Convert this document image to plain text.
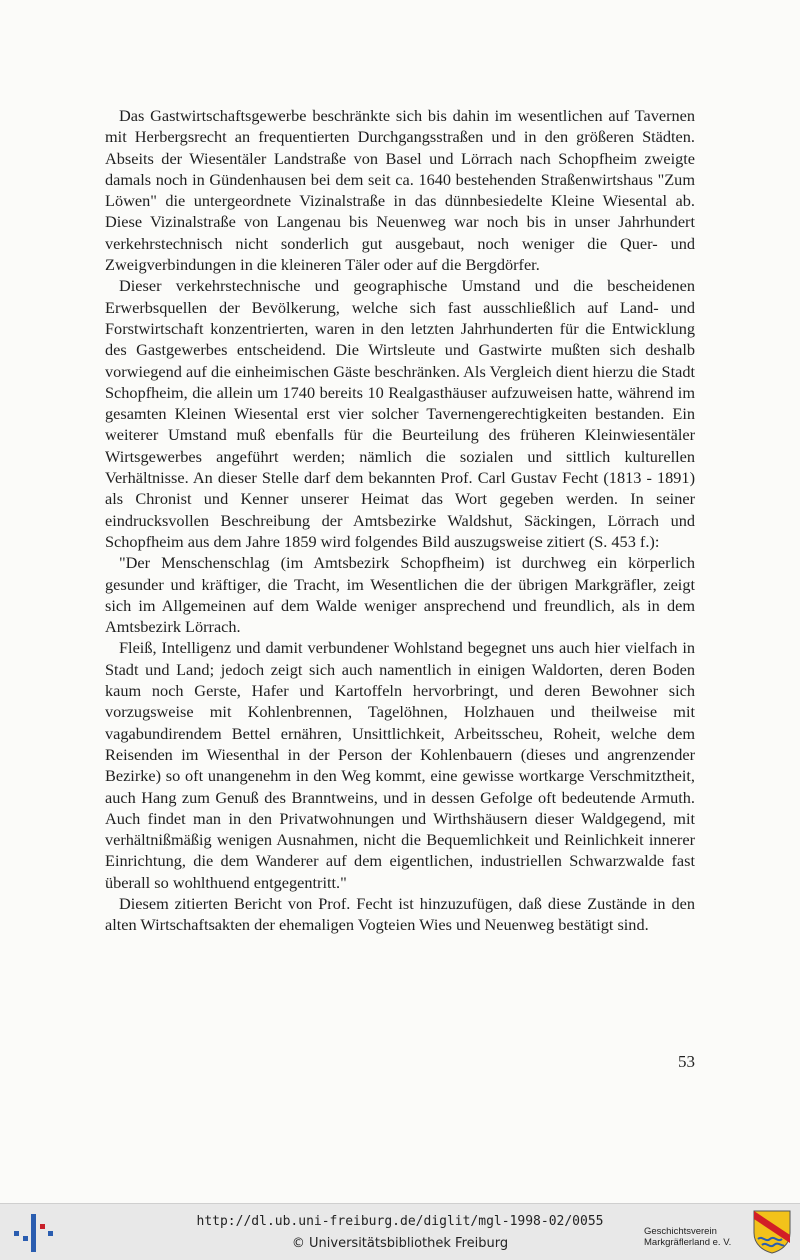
Das Gastwirtschaftsgewerbe beschränkte sich bis dahin im wesentlichen auf Tavernen mit Herbergsrecht an frequentierten Durchgangsstraßen und in den größeren Städten. Abseits der Wiesentäler Landstraße von Basel und Lörrach nach Schopfheim zweigte damals noch in Gündenhausen bei dem seit ca. 1640 bestehenden Straßenwirtshaus "Zum Löwen" die untergeordnete Vizinalstraße in das dünnbesiedelte Kleine Wiesental ab. Diese Vizinalstraße von Langenau bis Neuenweg war noch bis in unser Jahrhundert verkehrstechnisch nicht sonderlich gut ausgebaut, noch weniger die Quer- und Zweigverbindungen in die kleineren Täler oder auf die Bergdörfer.

Dieser verkehrstechnische und geographische Umstand und die bescheidenen Erwerbsquellen der Bevölkerung, welche sich fast ausschließlich auf Land- und Forstwirtschaft konzentrierten, waren in den letzten Jahrhunderten für die Entwicklung des Gastgewerbes entscheidend. Die Wirtsleute und Gastwirte mußten sich deshalb vorwiegend auf die einheimischen Gäste beschränken. Als Vergleich dient hierzu die Stadt Schopfheim, die allein um 1740 bereits 10 Realgasthäuser aufzuweisen hatte, während im gesamten Kleinen Wiesental erst vier solcher Tavernengerechtigkeiten bestanden. Ein weiterer Umstand muß ebenfalls für die Beurteilung des früheren Kleinwiesentäler Wirtsgewerbes angeführt werden; nämlich die sozialen und sittlich kulturellen Verhältnisse. An dieser Stelle darf dem bekannten Prof. Carl Gustav Fecht (1813 - 1891) als Chronist und Kenner unserer Heimat das Wort gegeben werden. In seiner eindrucksvollen Beschreibung der Amtsbezirke Waldshut, Säckingen, Lörrach und Schopfheim aus dem Jahre 1859 wird folgendes Bild auszugsweise zitiert (S. 453 f.):

"Der Menschenschlag (im Amtsbezirk Schopfheim) ist durchweg ein körperlich gesunder und kräftiger, die Tracht, im Wesentlichen die der übrigen Markgräfler, zeigt sich im Allgemeinen auf dem Walde weniger ansprechend und freundlich, als in dem Amtsbezirk Lörrach.

Fleiß, Intelligenz und damit verbundener Wohlstand begegnet uns auch hier vielfach in Stadt und Land; jedoch zeigt sich auch namentlich in einigen Waldorten, deren Boden kaum noch Gerste, Hafer und Kartoffeln hervorbringt, und deren Bewohner sich vorzugsweise mit Kohlenbrennen, Tagelöhnen, Holzhauen und theilweise mit vagabundirendem Bettel ernähren, Unsittlichkeit, Arbeitsscheu, Roheit, welche dem Reisenden im Wiesenthal in der Person der Kohlenbauern (dieses und angrenzender Bezirke) so oft unangenehm in den Weg kommt, eine gewisse wortkarge Verschmitztheit, auch Hang zum Genuß des Branntweins, und in dessen Gefolge oft bedeutende Armuth. Auch findet man in den Privatwohnungen und Wirthshäusern dieser Waldgegend, mit verhältnißmäßig wenigen Ausnahmen, nicht die Bequemlichkeit und Reinlichkeit innerer Einrichtung, die dem Wanderer auf dem eigentlichen, industriellen Schwarzwalde fast überall so wohlthuend entgegentritt."

Diesem zitierten Bericht von Prof. Fecht ist hinzuzufügen, daß diese Zustände in den alten Wirtschaftsakten der ehemaligen Vogteien Wies und Neuenweg bestätigt sind.

53
http://dl.ub.uni-freiburg.de/diglit/mgl-1998-02/0055
© Universitätsbibliothek Freiburg
Geschichtsverein
Markgräflerland e. V.
